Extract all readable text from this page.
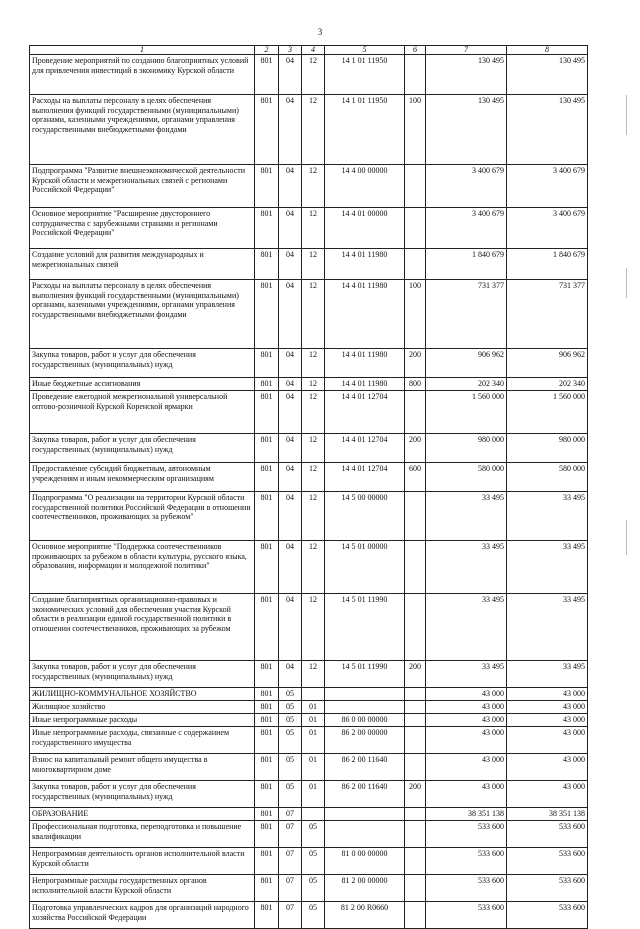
3
1	2	3	4	5	6	7	8
Проведение мероприятий по созданию благоприятных условий для привлечения инвестиций в экономику Курской области	801	04	12	14 1 01 11950		130 495	130 495
Расходы на выплаты персоналу в целях обеспечения выполнения функций государственными (муниципальными) органами, казенными учреждениями, органами управления государственными внебюджетными фондами	801	04	12	14 1 01 11950	100	130 495	130 495
Подпрограмма "Развитие внешнеэкономической деятельности Курской области и межрегиональных связей с регионами Российской Федерации"	801	04	12	14 4 00 00000		3 400 679	3 400 679
Основное мероприятие "Расширение двустороннего сотрудничества с зарубежными странами и регионами Российской Федерации"	801	04	12	14 4 01 00000		3 400 679	3 400 679
Создание условий для развития международных и межрегиональных связей	801	04	12	14 4 01 11980		1 840 679	1 840 679
Расходы на выплаты персоналу в целях обеспечения выполнения функций государственными (муниципальными) органами, казенными учреждениями, органами управления государственными внебюджетными фондами	801	04	12	14 4 01 11980	100	731 377	731 377
Закупка товаров, работ и услуг для обеспечения государственных (муниципальных) нужд	801	04	12	14 4 01 11980	200	906 962	906 962
Иные бюджетные ассигнования	801	04	12	14 4 01 11980	800	202 340	202 340
Проведение ежегодной межрегиональной универсальной оптово-розничной Курской Коренской ярмарки	801	04	12	14 4 01 12704		1 560 000	1 560 000
Закупка товаров, работ и услуг для обеспечения государственных (муниципальных) нужд	801	04	12	14 4 01 12704	200	980 000	980 000
Предоставление субсидий бюджетным, автономным учреждениям и иным некоммерческим организациям	801	04	12	14 4 01 12704	600	580 000	580 000
Подпрограмма "О реализации на территории Курской области государственной политики Российской Федерации в отношении соотечественников, проживающих за рубежом"	801	04	12	14 5 00 00000		33 495	33 495
Основное мероприятие "Поддержка соотечественников проживающих за рубежом в области культуры, русского языка, образования, информации и молодежной политики"	801	04	12	14 5 01 00000		33 495	33 495
Создание благоприятных организационно-правовых и экономических условий для обеспечения участия Курской области в реализации единой государственной политики в отношении соотечественников, проживающих за рубежом	801	04	12	14 5 01 11990		33 495	33 495
Закупка товаров, работ и услуг для обеспечения государственных (муниципальных) нужд	801	04	12	14 5 01 11990	200	33 495	33 495
ЖИЛИЩНО-КОММУНАЛЬНОЕ ХОЗЯЙСТВО	801	05				43 000	43 000
Жилищное хозяйство	801	05	01			43 000	43 000
Иные непрограммные расходы	801	05	01	86 0 00 00000		43 000	43 000
Иные непрограммные расходы, связанные с содержанием государственного имущества	801	05	01	86 2 00 00000		43 000	43 000
Взнос на капитальный ремонт общего имущества в многоквартирном доме	801	05	01	86 2 00 11640		43 000	43 000
Закупка товаров, работ и услуг для обеспечения государственных (муниципальных) нужд	801	05	01	86 2 00 11640	200	43 000	43 000
ОБРАЗОВАНИЕ	801	07				38 351 138	38 351 138
Профессиональная подготовка, переподготовка и повышение квалификации	801	07	05			533 600	533 600
Непрограммная деятельность органов исполнительной власти Курской области	801	07	05	81 0 00 00000		533 600	533 600
Непрограммные расходы государственных органов исполнительной власти Курской области	801	07	05	81 2 00 00000		533 600	533 600
Подготовка управленческих кадров для организаций народного хозяйства Российской Федерации	801	07	05	81 2 00 R0660		533 600	533 600
